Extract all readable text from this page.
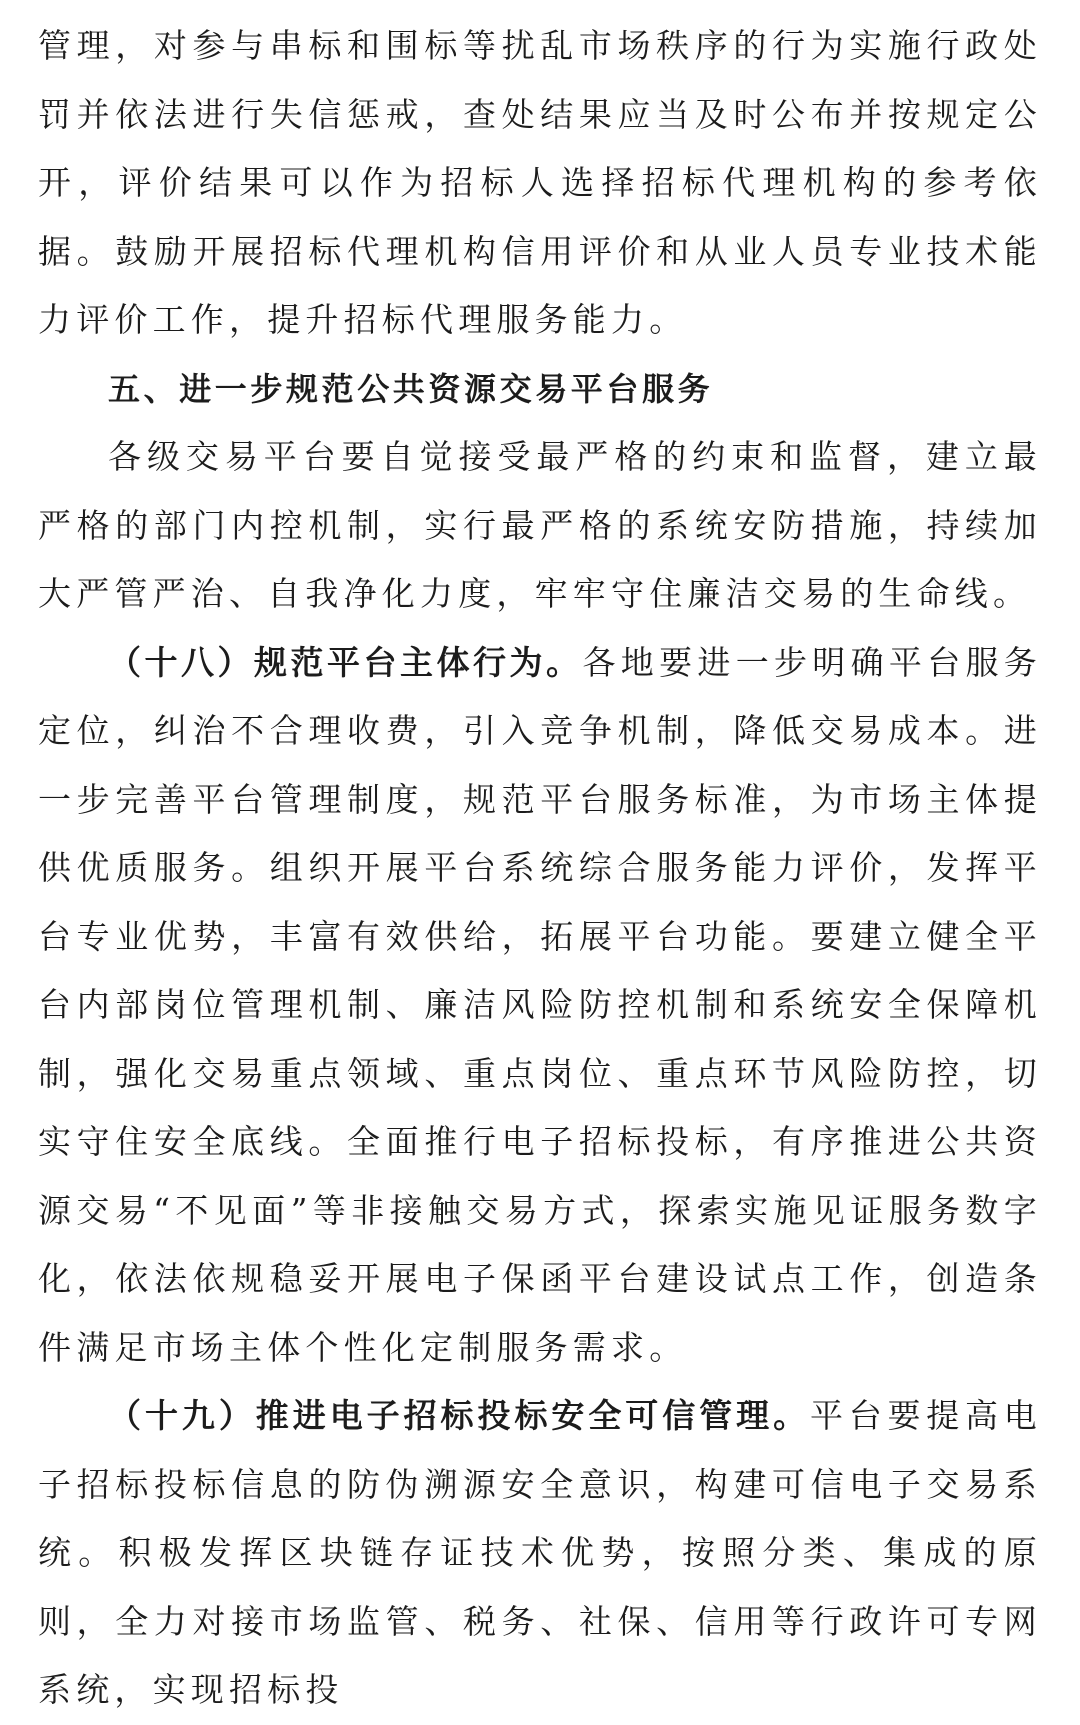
管理，对参与串标和围标等扰乱市场秩序的行为实施行政处罚并依法进行失信惩戒，查处结果应当及时公布并按规定公开，评价结果可以作为招标人选择招标代理机构的参考依据。鼓励开展招标代理机构信用评价和从业人员专业技术能力评价工作，提升招标代理服务能力。

五、进一步规范公共资源交易平台服务

各级交易平台要自觉接受最严格的约束和监督，建立最严格的部门内控机制，实行最严格的系统安防措施，持续加大严管严治、自我净化力度，牢牢守住廉洁交易的生命线。

（十八）规范平台主体行为。各地要进一步明确平台服务定位，纠治不合理收费，引入竞争机制，降低交易成本。进一步完善平台管理制度，规范平台服务标准，为市场主体提供优质服务。组织开展平台系统综合服务能力评价，发挥平台专业优势，丰富有效供给，拓展平台功能。要建立健全平台内部岗位管理机制、廉洁风险防控机制和系统安全保障机制，强化交易重点领域、重点岗位、重点环节风险防控，切实守住安全底线。全面推行电子招标投标，有序推进公共资源交易“不见面”等非接触交易方式，探索实施见证服务数字化，依法依规稳妥开展电子保函平台建设试点工作，创造条件满足市场主体个性化定制服务需求。

（十九）推进电子招标投标安全可信管理。平台要提高电子招标投标信息的防伪溯源安全意识，构建可信电子交易系统。积极发挥区块链存证技术优势，按照分类、集成的原则，全力对接市场监管、税务、社保、信用等行政许可专网系统，实现招标投
